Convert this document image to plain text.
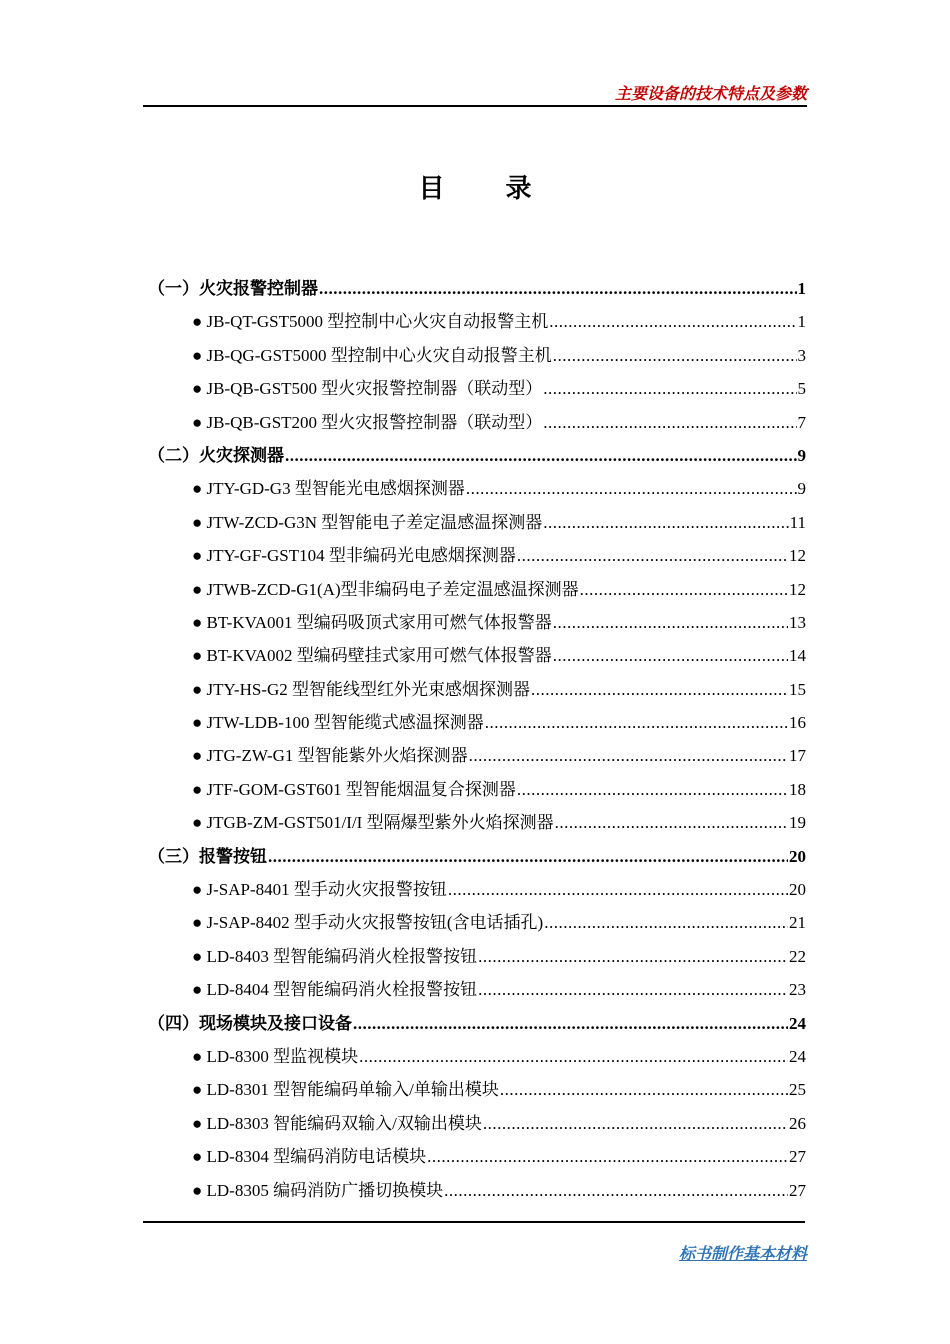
主要设备的技术特点及参数
目 录
（一）火灾报警控制器 .....	1
● JB-QT-GST5000 型控制中心火灾自动报警主机 .....	1
● JB-QG-GST5000 型控制中心火灾自动报警主机 .....	3
● JB-QB-GST500 型火灾报警控制器（联动型） .....	5
● JB-QB-GST200 型火灾报警控制器（联动型） .....	7
（二）火灾探测器 .....	9
● JTY-GD-G3 型智能光电感烟探测器 .....	9
● JTW-ZCD-G3N 型智能电子差定温感温探测器 .....	11
● JTY-GF-GST104 型非编码光电感烟探测器 .....	12
● JTWB-ZCD-G1(A)型非编码电子差定温感温探测器 .....	12
● BT-KVA001 型编码吸顶式家用可燃气体报警器 .....	13
● BT-KVA002 型编码壁挂式家用可燃气体报警器 .....	14
● JTY-HS-G2 型智能线型红外光束感烟探测器 .....	15
● JTW-LDB-100 型智能缆式感温探测器 .....	16
● JTG-ZW-G1 型智能紫外火焰探测器 .....	17
● JTF-GOM-GST601 型智能烟温复合探测器 .....	18
● JTGB-ZM-GST501/I/I 型隔爆型紫外火焰探测器 .....	19
（三）报警按钮 .....	20
● J-SAP-8401 型手动火灾报警按钮 .....	20
● J-SAP-8402 型手动火灾报警按钮(含电话插孔) .....	21
● LD-8403 型智能编码消火栓报警按钮 .....	22
● LD-8404 型智能编码消火栓报警按钮 .....	23
（四）现场模块及接口设备 .....	24
● LD-8300 型监视模块 .....	24
● LD-8301 型智能编码单输入/单输出模块 .....	25
● LD-8303 智能编码双输入/双输出模块 .....	26
● LD-8304 型编码消防电话模块 .....	27
● LD-8305 编码消防广播切换模块 .....	27
标书制作基本材料
